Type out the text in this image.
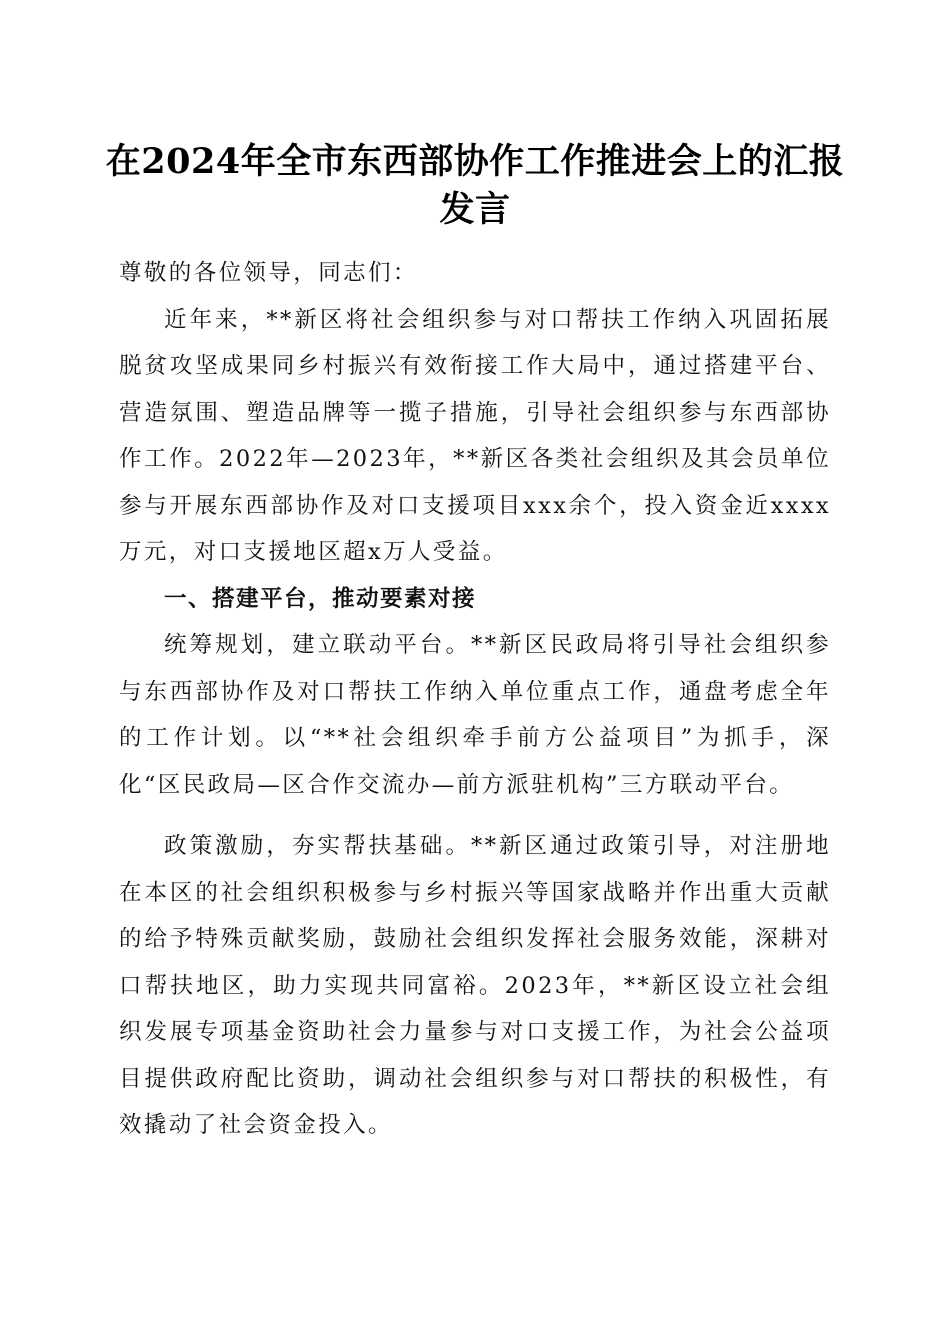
在2024年全市东西部协作工作推进会上的汇报发言

尊敬的各位领导，同志们：

近年来，**新区将社会组织参与对口帮扶工作纳入巩固拓展脱贫攻坚成果同乡村振兴有效衔接工作大局中，通过搭建平台、营造氛围、塑造品牌等一揽子措施，引导社会组织参与东西部协作工作。2022年—2023年，**新区各类社会组织及其会员单位参与开展东西部协作及对口支援项目xxx余个，投入资金近xxxx万元，对口支援地区超x万人受益。

一、搭建平台，推动要素对接

统筹规划，建立联动平台。**新区民政局将引导社会组织参与东西部协作及对口帮扶工作纳入单位重点工作，通盘考虑全年的工作计划。以“**社会组织牵手前方公益项目”为抓手，深化“区民政局—区合作交流办—前方派驻机构”三方联动平台。

政策激励，夯实帮扶基础。**新区通过政策引导，对注册地在本区的社会组织积极参与乡村振兴等国家战略并作出重大贡献的给予特殊贡献奖励，鼓励社会组织发挥社会服务效能，深耕对口帮扶地区，助力实现共同富裕。2023年，**新区设立社会组织发展专项基金资助社会力量参与对口支援工作，为社会公益项目提供政府配比资助，调动社会组织参与对口帮扶的积极性，有效撬动了社会资金投入。
